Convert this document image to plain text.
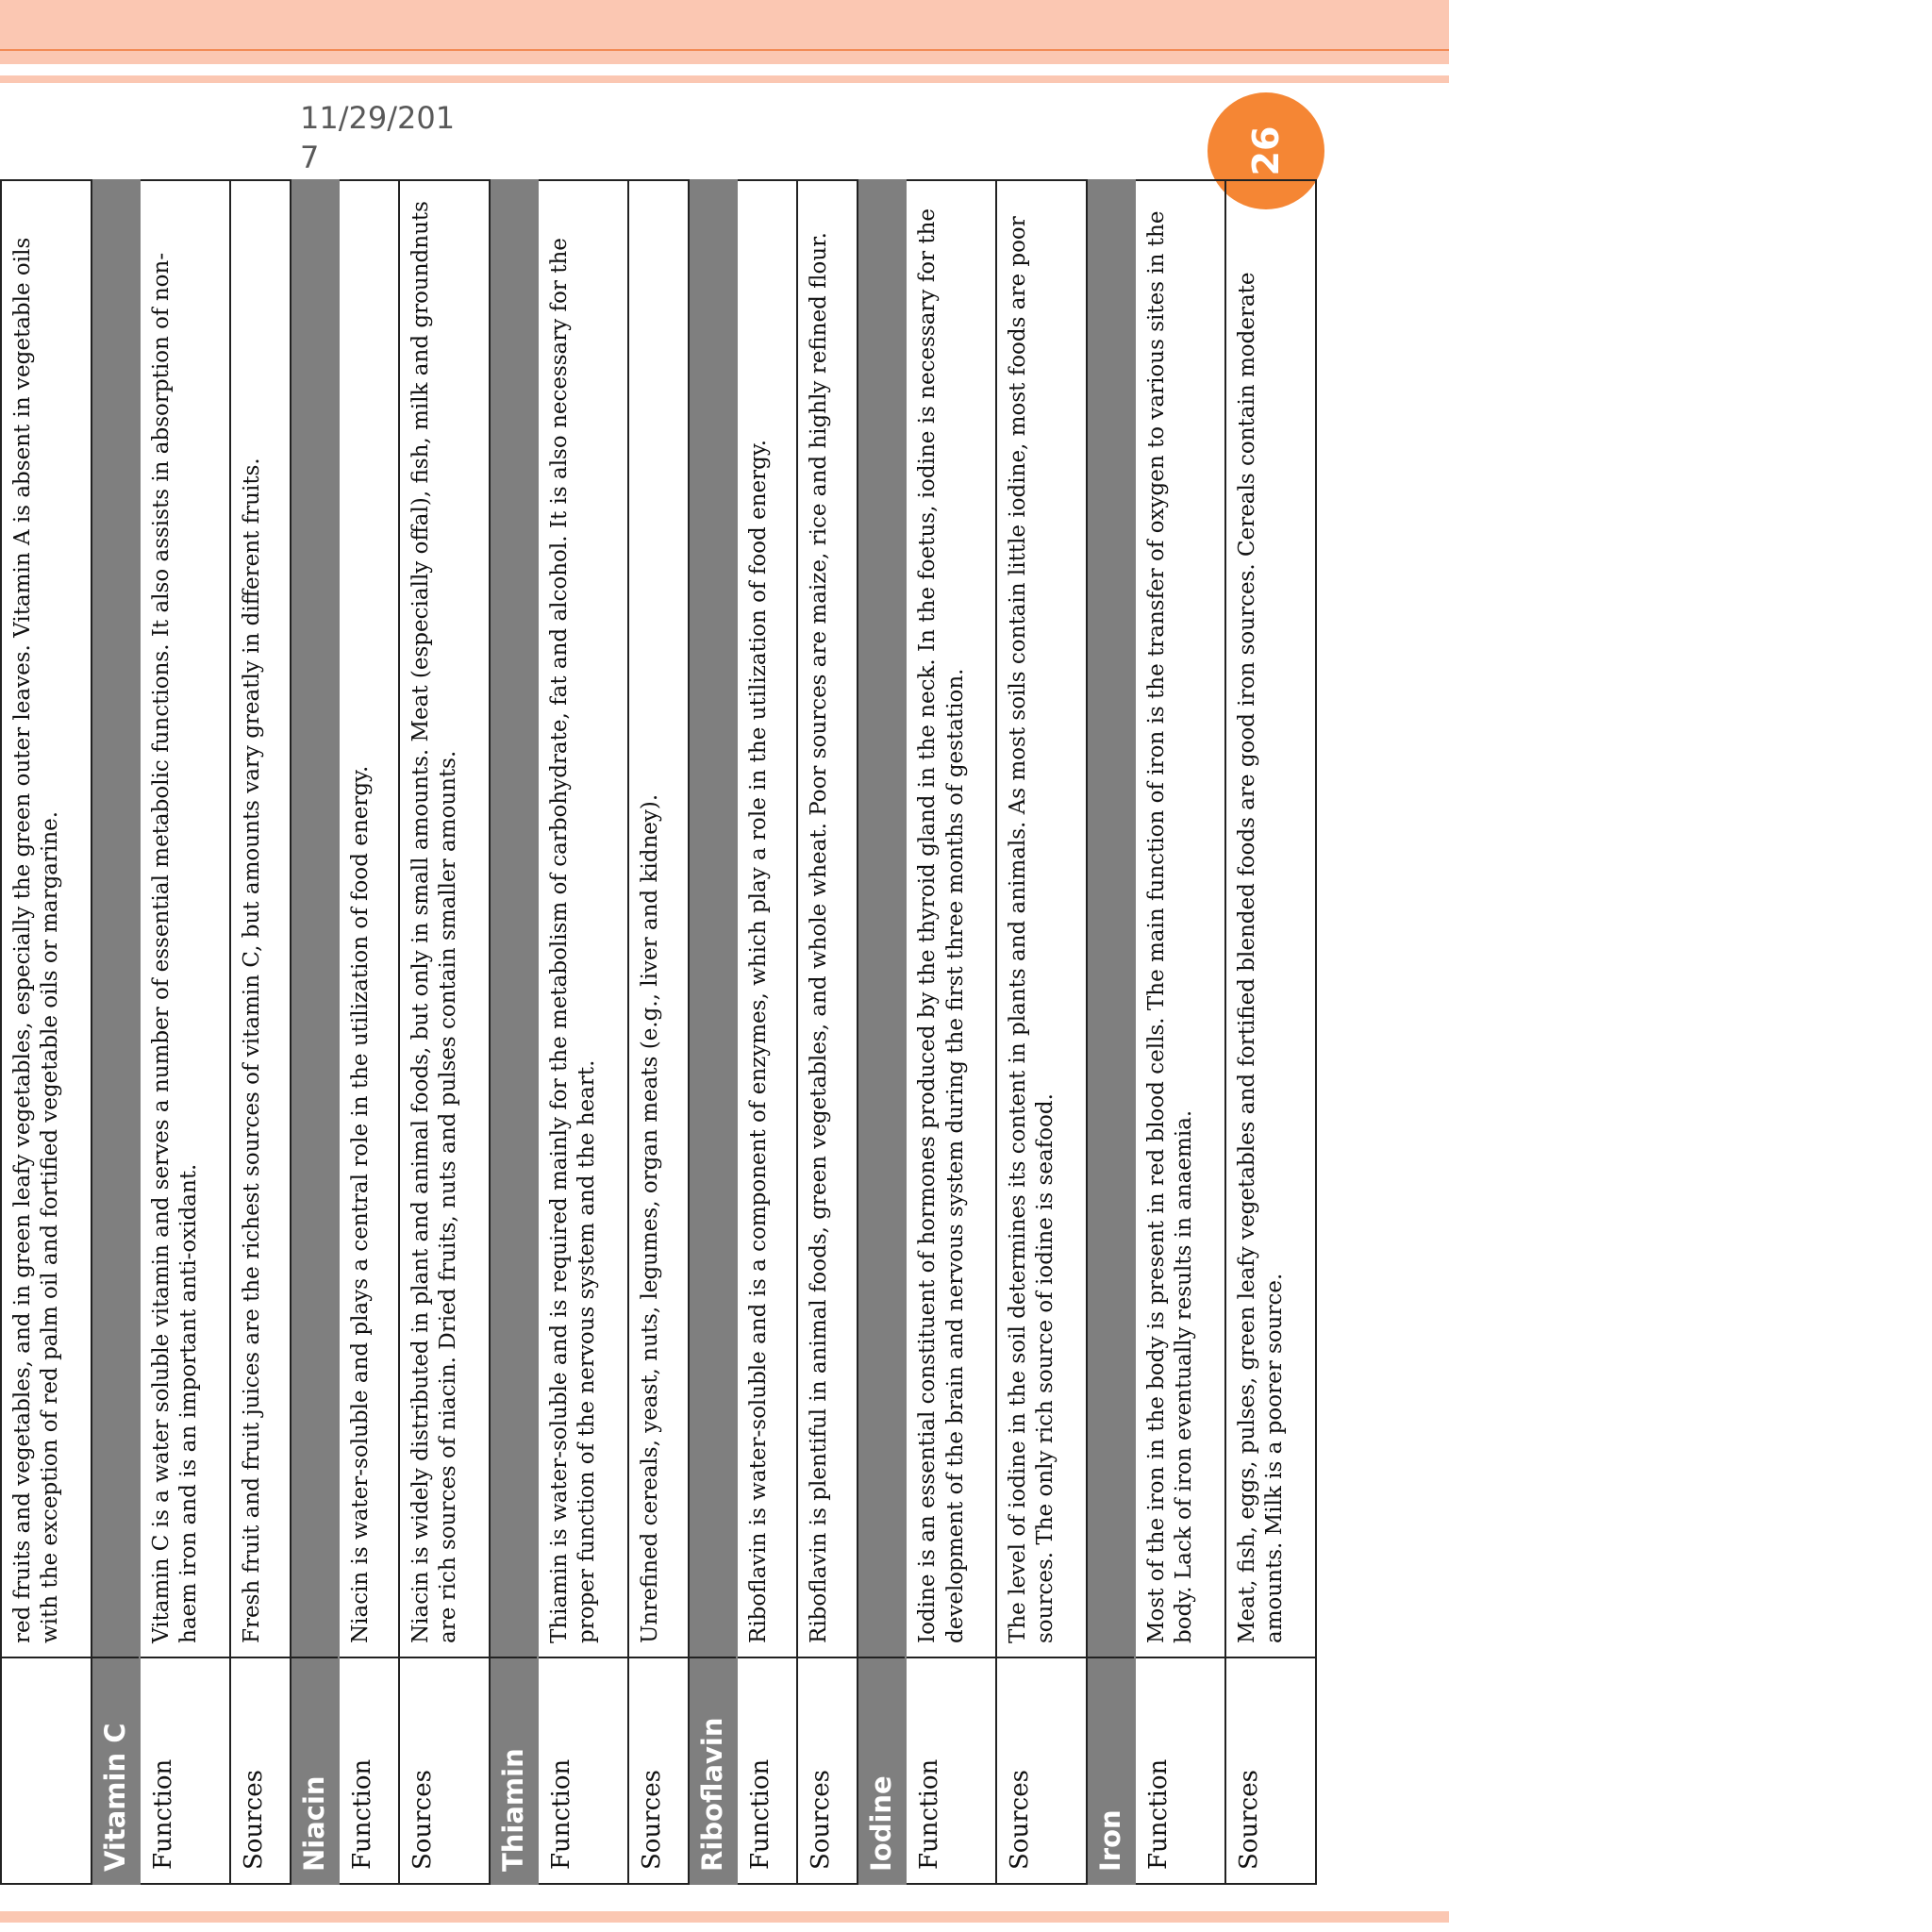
11/29/2017
	red fruits and vegetables, and in green leafy vegetables, especially the green outer leaves. Vitamin A is absent in vegetable oils with the exception of red palm oil and fortified vegetable oils or margarine.
Vitamin C	
Function	Vitamin C is a water soluble vitamin and serves a number of essential metabolic functions. It also assists in absorption of non-haem iron and is an important anti-oxidant.
Sources	Fresh fruit and fruit juices are the richest sources of vitamin C, but amounts vary greatly in different fruits.
Niacin	
Function	Niacin is water-soluble and plays a central role in the utilization of food energy.
Sources	Niacin is widely distributed in plant and animal foods, but only in small amounts. Meat (especially offal), fish, milk and groundnuts are rich sources of niacin. Dried fruits, nuts and pulses contain smaller amounts.
Thiamin	
Function	Thiamin is water-soluble and is required mainly for the metabolism of carbohydrate, fat and alcohol. It is also necessary for the proper function of the nervous system and the heart.
Sources	Unrefined cereals, yeast, nuts, legumes, organ meats (e.g., liver and kidney).
Riboflavin	
Function	Riboflavin is water-soluble and is a component of enzymes, which play a role in the utilization of food energy.
Sources	Riboflavin is plentiful in animal foods, green vegetables, and whole wheat. Poor sources are maize, rice and highly refined flour.
Iodine	
Function	Iodine is an essential constituent of hormones produced by the thyroid gland in the neck. In the foetus, iodine is necessary for the development of the brain and nervous system during the first three months of gestation.
Sources	The level of iodine in the soil determines its content in plants and animals. As most soils contain little iodine, most foods are poor sources. The only rich source of iodine is seafood.
Iron	
Function	Most of the iron in the body is present in red blood cells. The main function of iron is the transfer of oxygen to various sites in the body. Lack of iron eventually results in anaemia.
Sources	Meat, fish, eggs, pulses, green leafy vegetables and fortified blended foods are good iron sources. Cereals contain moderate amounts. Milk is a poorer source.
26
